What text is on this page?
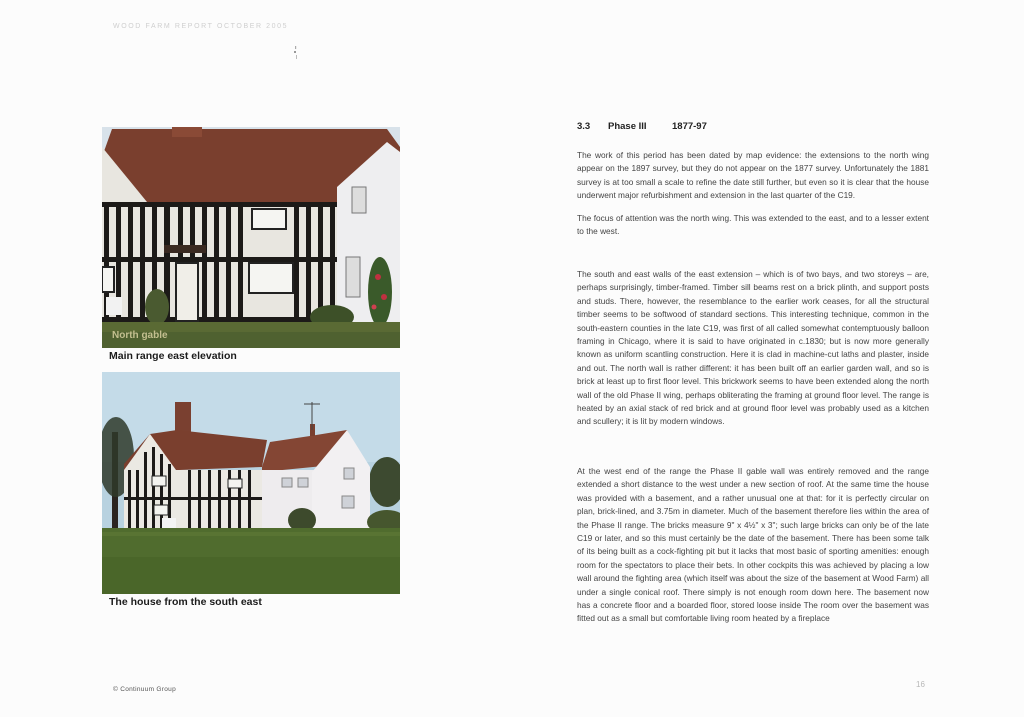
WOOD FARM REPORT OCTOBER 2005
North gable
Main range east elevation
The house from the south east
3.3 Phase III	1877-97

The work of this period has been dated by map evidence: the extensions to the north wing appear on the 1897 survey, but they do not appear on the 1877 survey. Unfortunately the 1881 survey is at too small a scale to refine the date still further, but even so it is clear that the house underwent major refurbishment and extension in the last quarter of the C19.

The focus of attention was the north wing. This was extended to the east, and to a lesser extent to the west.

The south and east walls of the east extension – which is of two bays, and two storeys – are, perhaps surprisingly, timber-framed. Timber sill beams rest on a brick plinth, and support posts and studs. There, however, the resemblance to the earlier work ceases, for all the structural timber seems to be softwood of standard sections. This interesting technique, common in the south-eastern counties in the late C19, was first of all called somewhat contemptuously balloon framing in Chicago, where it is said to have originated in c.1830; but is now more generally known as uniform scantling construction. Here it is clad in machine-cut laths and plaster, inside and out. The north wall is rather different: it has been built off an earlier garden wall, and so is brick at least up to first floor level. This brickwork seems to have been extended along the north wall of the old Phase II wing, perhaps obliterating the framing at ground floor level. The range is heated by an axial stack of red brick and at ground floor level was probably used as a kitchen and scullery; it is lit by modern windows.

At the west end of the range the Phase II gable wall was entirely removed and the range extended a short distance to the west under a new section of roof. At the same time the house was provided with a basement, and a rather unusual one at that: for it is perfectly circular on plan, brick-lined, and 3.75m in diameter. Much of the basement therefore lies within the area of the Phase II range. The bricks measure 9" x 4½" x 3"; such large bricks can only be of the late C19 or later, and so this must certainly be the date of the basement. There has been some talk of its being built as a cock-fighting pit but it lacks that most basic of sporting amenities: enough room for the spectators to place their bets. In other cockpits this was achieved by placing a low wall around the fighting area (which itself was about the size of the basement at Wood Farm) all under a single conical roof. There simply is not enough room down here. The basement now has a concrete floor and a boarded floor, stored loose inside The room over the basement was fitted out as a small but comfortable living room heated by a fireplace

© Continuum Group
16
